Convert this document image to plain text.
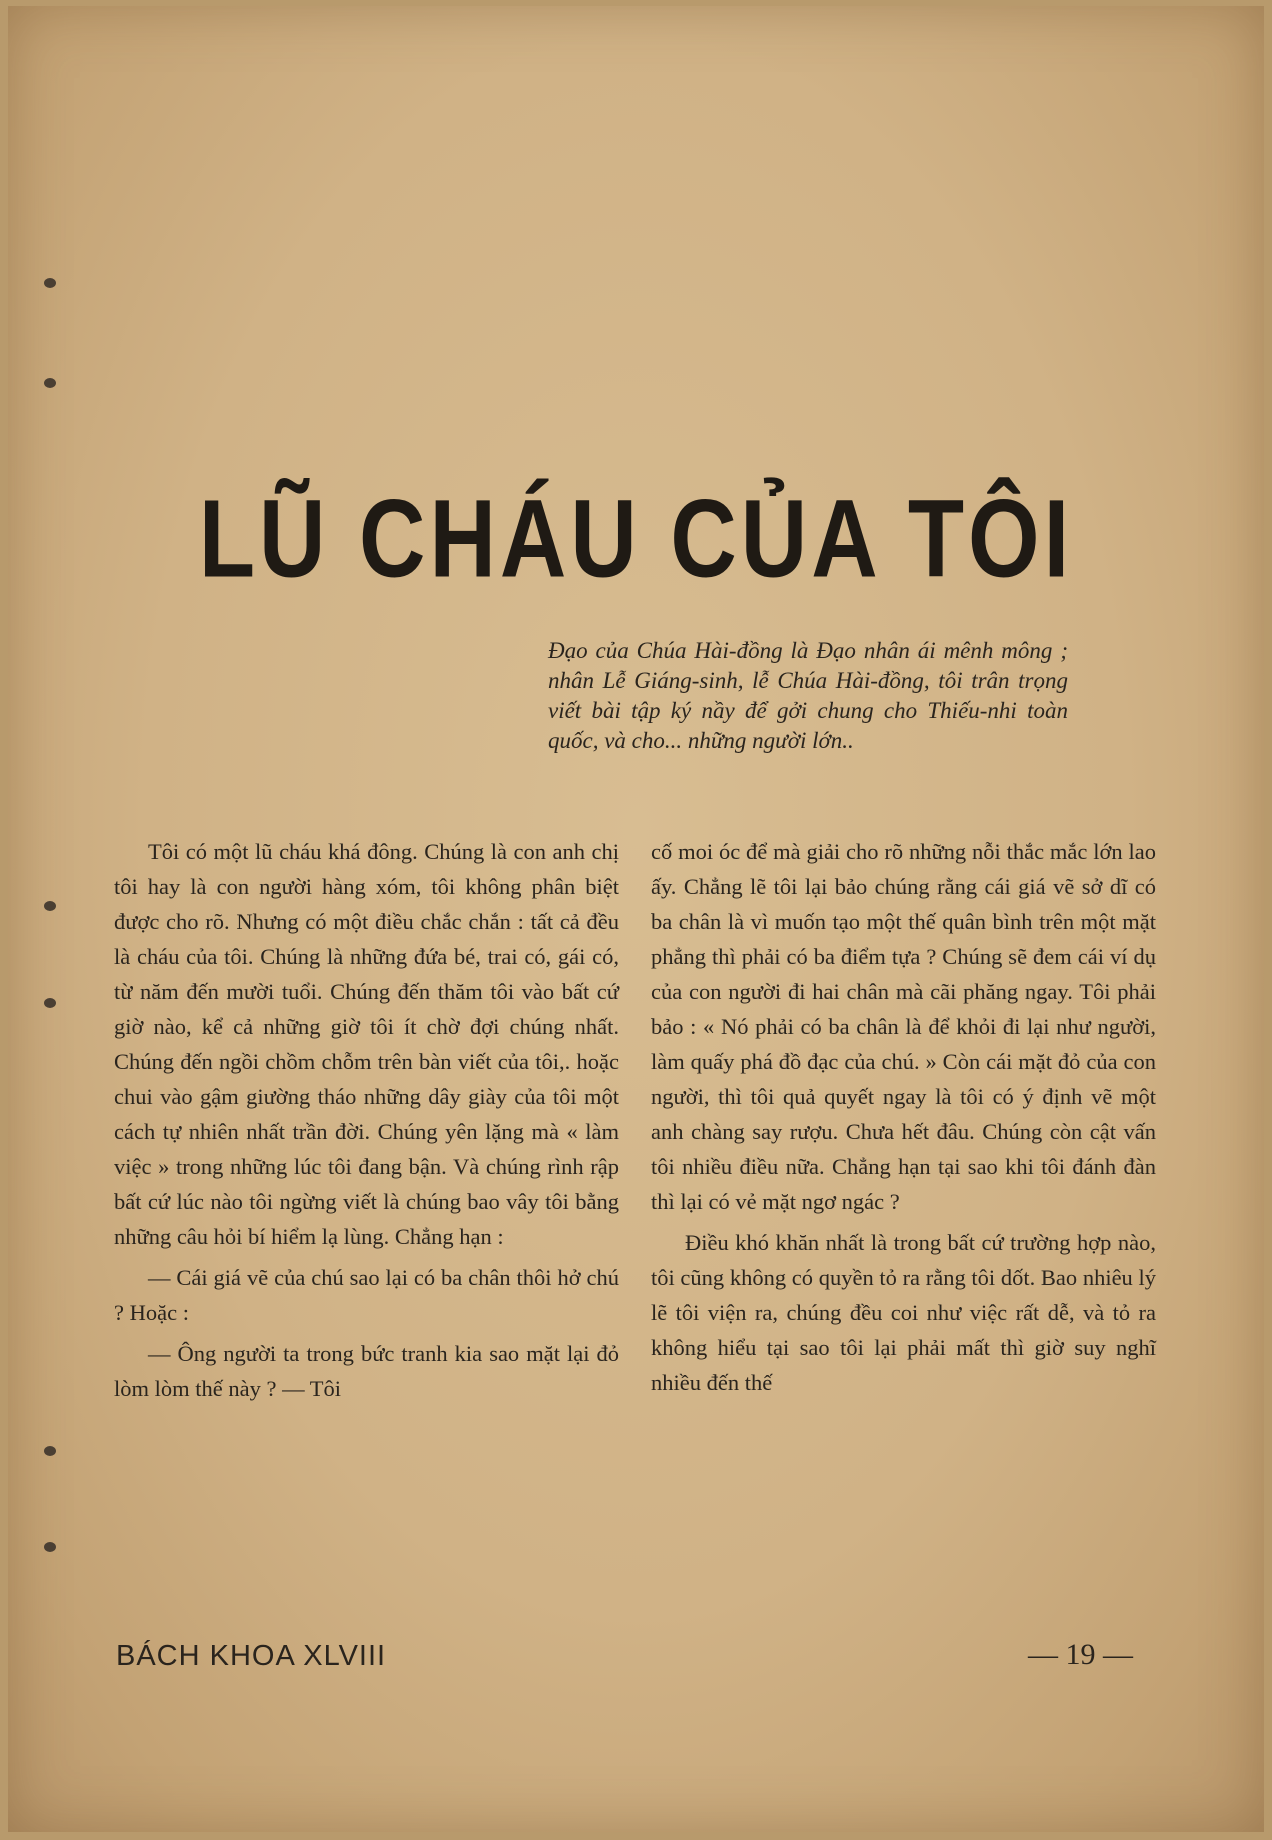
LŨ CHÁU CỦA TÔI
Đạo của Chúa Hài-đồng là Đạo nhân ái mênh mông ; nhân Lễ Giáng-sinh, lễ Chúa Hài-đồng, tôi trân trọng viết bài tập ký nầy để gởi chung cho Thiếu-nhi toàn quốc, và cho... những người lớn..

Tôi có một lũ cháu khá đông. Chúng là con anh chị tôi hay là con người hàng xóm, tôi không phân biệt được cho rõ. Nhưng có một điều chắc chắn : tất cả đều là cháu của tôi. Chúng là những đứa bé, trai có, gái có, từ năm đến mười tuổi. Chúng đến thăm tôi vào bất cứ giờ nào, kể cả những giờ tôi ít chờ đợi chúng nhất. Chúng đến ngồi chồm chỗm trên bàn viết của tôi,. hoặc chui vào gậm giường tháo những dây giày của tôi một cách tự nhiên nhất trần đời. Chúng yên lặng mà « làm việc » trong những lúc tôi đang bận. Và chúng rình rập bất cứ lúc nào tôi ngừng viết là chúng bao vây tôi bằng những câu hỏi bí hiểm lạ lùng. Chẳng hạn :

— Cái giá vẽ của chú sao lại có ba chân thôi hở chú ? Hoặc :

— Ông người ta trong bức tranh kia sao mặt lại đỏ lòm lòm thế này ? — Tôi

cố moi óc để mà giải cho rõ những nỗi thắc mắc lớn lao ấy. Chẳng lẽ tôi lại bảo chúng rằng cái giá vẽ sở dĩ có ba chân là vì muốn tạo một thế quân bình trên một mặt phẳng thì phải có ba điểm tựa ? Chúng sẽ đem cái ví dụ của con người đi hai chân mà cãi phăng ngay. Tôi phải bảo : « Nó phải có ba chân là để khỏi đi lại như người, làm quấy phá đồ đạc của chú. » Còn cái mặt đỏ của con người, thì tôi quả quyết ngay là tôi có ý định vẽ một anh chàng say rượu. Chưa hết đâu. Chúng còn cật vấn tôi nhiều điều nữa. Chẳng hạn tại sao khi tôi đánh đàn thì lại có vẻ mặt ngơ ngác ?

Điều khó khăn nhất là trong bất cứ trường hợp nào, tôi cũng không có quyền tỏ ra rằng tôi dốt. Bao nhiêu lý lẽ tôi viện ra, chúng đều coi như việc rất dễ, và tỏ ra không hiểu tại sao tôi lại phải mất thì giờ suy nghĩ nhiều đến thế

BÁCH KHOA XLVIII	— 19 —
